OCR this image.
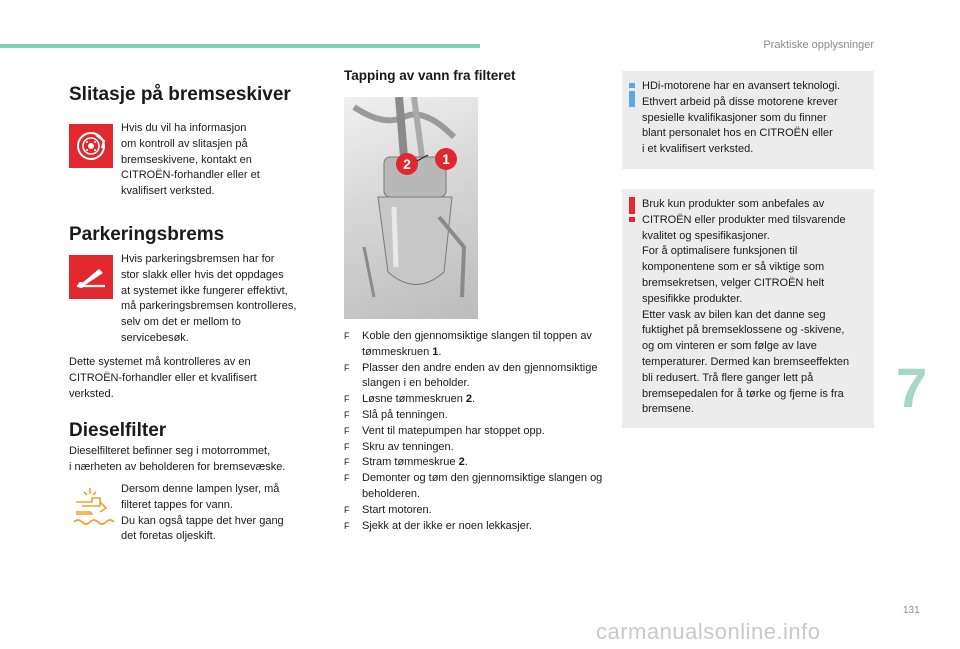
Praktiske opplysninger
7
131
carmanualsonline.info
Slitasje på bremseskiver
Hvis du vil ha informasjon
om kontroll av slitasjen på
bremseskivene, kontakt en
CITROËN-forhandler eller et
kvalifisert verksted.
Parkeringsbrems
Hvis parkeringsbremsen har for
stor slakk eller hvis det oppdages
at systemet ikke fungerer effektivt,
må parkeringsbremsen kontrolleres,
selv om det er mellom to
servicebesøk.
Dette systemet må kontrolleres av en
CITROËN-forhandler eller et kvalifisert
verksted.
Dieselfilter
Dieselfilteret befinner seg i motorrommet,
i nærheten av beholderen for bremsevæske.
Dersom denne lampen lyser, må
filteret tappes for vann.
Du kan også tappe det hver gang
det foretas oljeskift.
Tapping av vann fra filteret
1
2
F Koble den gjennomsiktige slangen til toppen av tømmeskruen 1.
F Plasser den andre enden av den gjennomsiktige slangen i en beholder.
F Løsne tømmeskruen 2.
F Slå på tenningen.
F Vent til matepumpen har stoppet opp.
F Skru av tenningen.
F Stram tømmeskrue 2.
F Demonter og tøm den gjennomsiktige slangen og beholderen.
F Start motoren.
F Sjekk at der ikke er noen lekkasjer.
HDi-motorene har en avansert teknologi.
Ethvert arbeid på disse motorene krever
spesielle kvalifikasjoner som du finner
blant personalet hos en CITROËN eller
i et kvalifisert verksted.
Bruk kun produkter som anbefales av
CITROËN eller produkter med tilsvarende
kvalitet og spesifikasjoner.
For å optimalisere funksjonen til
komponentene som er så viktige som
bremsekretsen, velger CITROËN helt
spesifikke produkter.
Etter vask av bilen kan det danne seg
fuktighet på bremseklossene og -skivene,
og om vinteren er som følge av lave
temperaturer. Dermed kan bremseeffekten
bli redusert. Trå flere ganger lett på
bremsepedalen for å tørke og fjerne is fra
bremsene.
